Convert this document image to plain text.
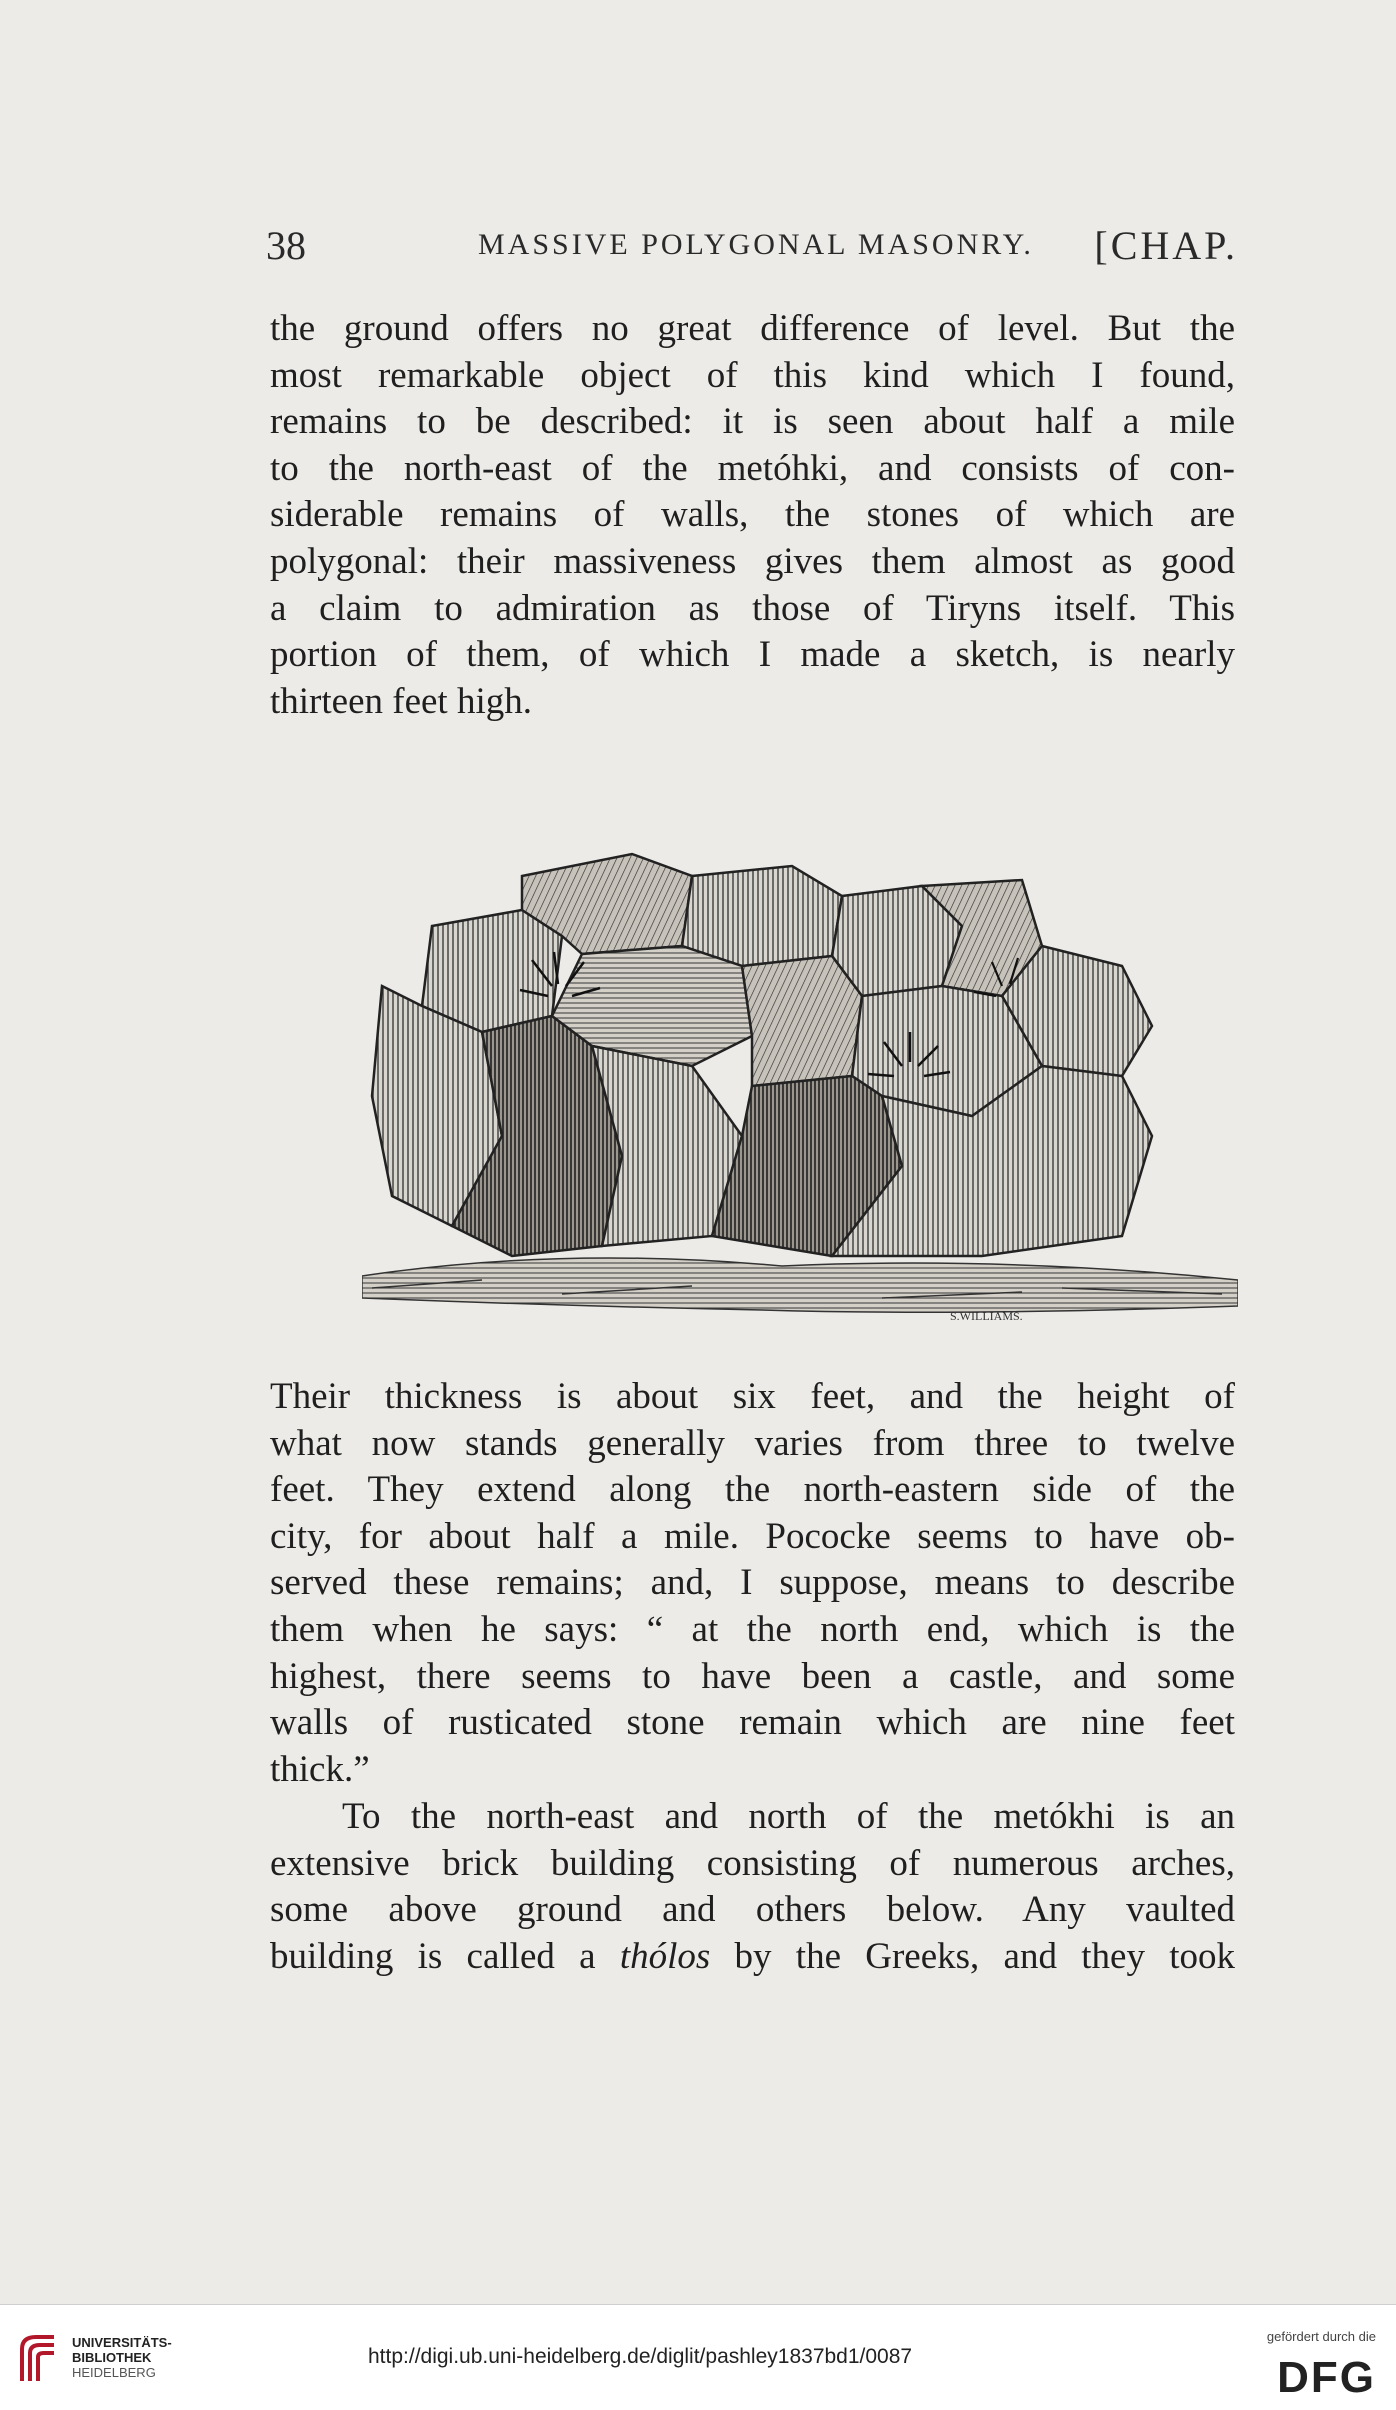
38	MASSIVE POLYGONAL MASONRY. [CHAP.
the ground offers no great difference of level. But the
most remarkable object of this kind which I found,
remains to be described: it is seen about half a mile
to the north-east of the metóhki, and consists of con-
siderable remains of walls, the stones of which are
polygonal: their massiveness gives them almost as good
a claim to admiration as those of Tiryns itself. This
portion of them, of which I made a sketch, is nearly
thirteen feet high.
S.WILLIAMS.
Their thickness is about six feet, and the height of
what now stands generally varies from three to twelve
feet. They extend along the north-eastern side of the
city, for about half a mile. Pococke seems to have ob-
served these remains; and, I suppose, means to describe
them when he says: “ at the north end, which is the
highest, there seems to have been a castle, and some
walls of rusticated stone remain which are nine feet
thick.”
To the north-east and north of the metókhi is an
extensive brick building consisting of numerous arches,
some above ground and others below. Any vaulted
building is called a thólos by the Greeks, and they took
UNIVERSITÄTS-
BIBLIOTHEK
HEIDELBERG
http://digi.ub.uni-heidelberg.de/diglit/pashley1837bd1/0087
gefördert durch die
DFG
